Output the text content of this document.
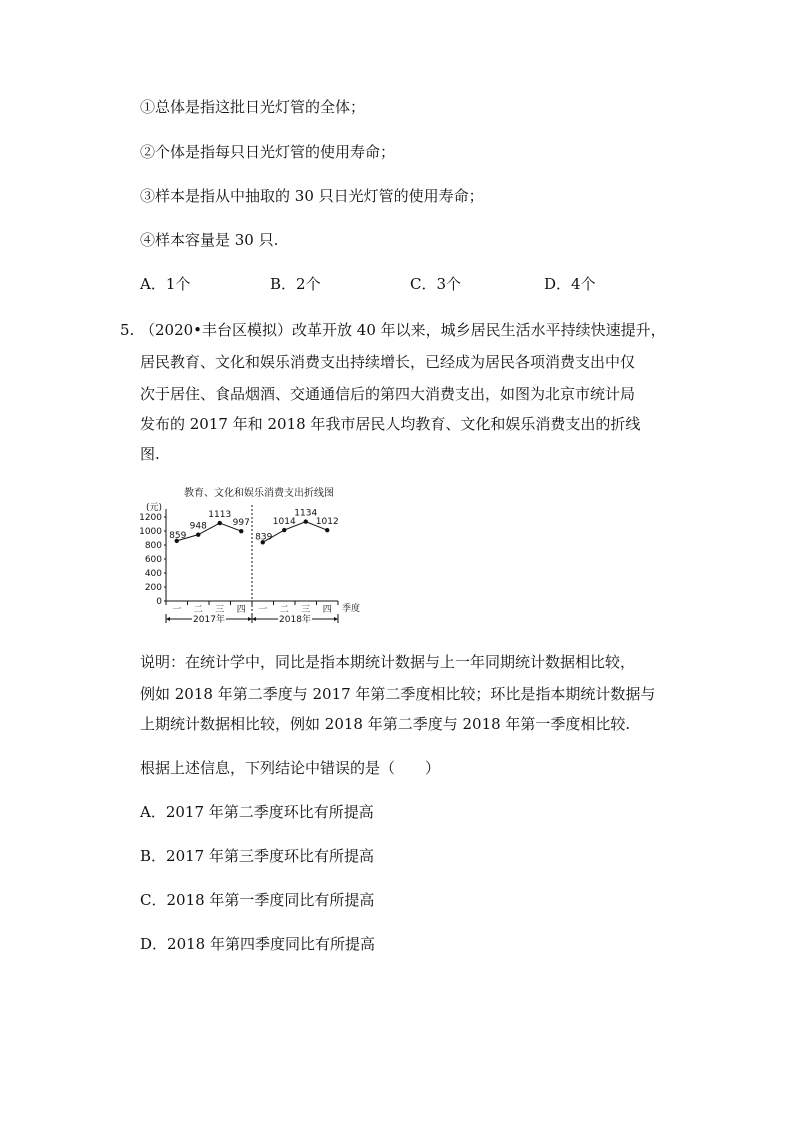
①总体是指这批日光灯管的全体；
②个体是指每只日光灯管的使用寿命；
③样本是指从中抽取的 30 只日光灯管的使用寿命；
④样本容量是 30 只.
A．1个	B．2个	C．3个	D．4个
5. （2020•丰台区模拟）改革开放 40 年以来，城乡居民生活水平持续快速提升，
居民教育、文化和娱乐消费支出持续增长，已经成为居民各项消费支出中仅
次于居住、食品烟酒、交通通信后的第四大消费支出，如图为北京市统计局
发布的 2017 年和 2018 年我市居民人均教育、文化和娱乐消费支出的折线
图.
教育、文化和娱乐消费支出折线图
(元)
季度
0
200
400
600
800
1000
1200
一 二 三 四 一 二 三 四
2017年	2018年
859
948
1113
997
839
1014
1134
1012
说明：在统计学中，同比是指本期统计数据与上一年同期统计数据相比较，
例如 2018 年第二季度与 2017 年第二季度相比较；环比是指本期统计数据与
上期统计数据相比较，例如 2018 年第二季度与 2018 年第一季度相比较.
根据上述信息，下列结论中错误的是（　　）
A．2017 年第二季度环比有所提高
B．2017 年第三季度环比有所提高
C．2018 年第一季度同比有所提高
D．2018 年第四季度同比有所提高
